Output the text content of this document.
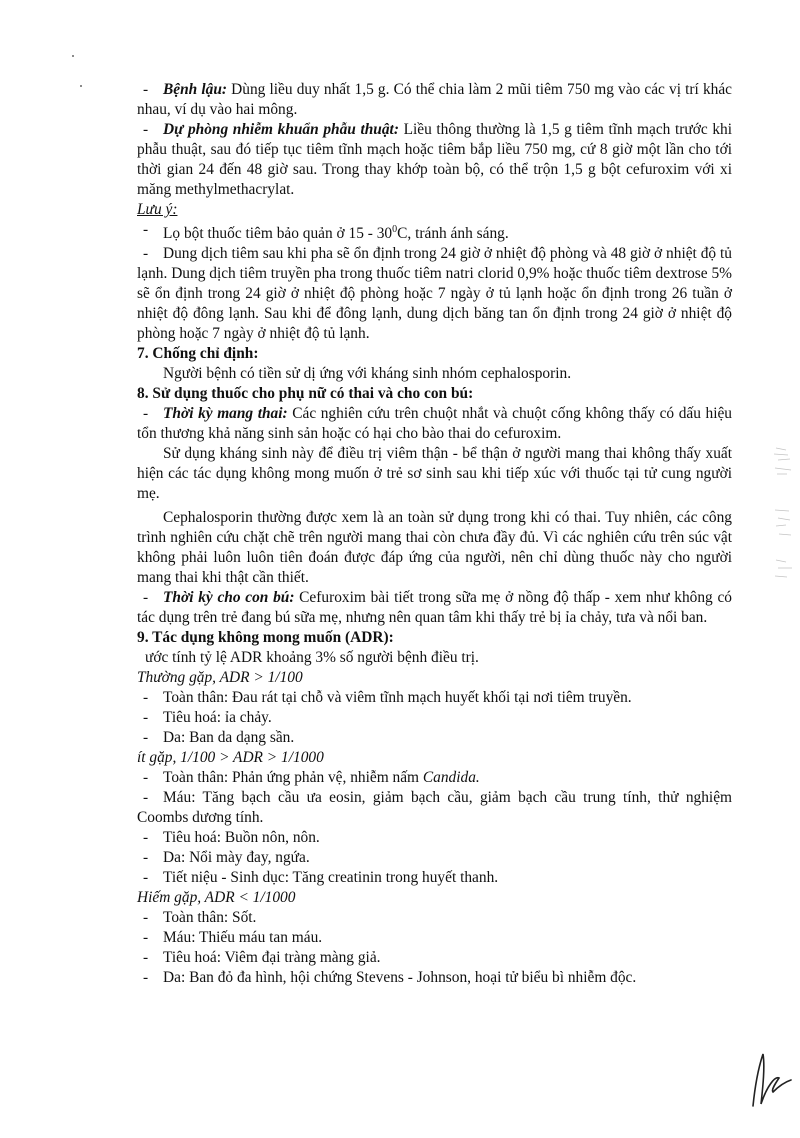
- Bệnh lậu: Dùng liều duy nhất 1,5 g. Có thể chia làm 2 mũi tiêm 750 mg vào các vị trí khác nhau, ví dụ vào hai mông.

- Dự phòng nhiễm khuẩn phẫu thuật: Liều thông thường là 1,5 g tiêm tĩnh mạch trước khi phẫu thuật, sau đó tiếp tục tiêm tĩnh mạch hoặc tiêm bắp liều 750 mg, cứ 8 giờ một lần cho tới thời gian 24 đến 48 giờ sau. Trong thay khớp toàn bộ, có thể trộn 1,5 g bột cefuroxim với xi măng methylmethacrylat.

Lưu ý:

- Lọ bột thuốc tiêm bảo quản ở $15 - 30^0C$, tránh ánh sáng.

- Dung dịch tiêm sau khi pha sẽ ổn định trong 24 giờ ở nhiệt độ phòng và 48 giờ ở nhiệt độ tủ lạnh. Dung dịch tiêm truyền pha trong thuốc tiêm natri clorid 0,9% hoặc thuốc tiêm dextrose 5% sẽ ổn định trong 24 giờ ở nhiệt độ phòng hoặc 7 ngày ở tủ lạnh hoặc ổn định trong 26 tuần ở nhiệt độ đông lạnh. Sau khi để đông lạnh, dung dịch băng tan ổn định trong 24 giờ ở nhiệt độ phòng hoặc 7 ngày ở nhiệt độ tủ lạnh.

7. Chống chỉ định:

Người bệnh có tiền sử dị ứng với kháng sinh nhóm cephalosporin.

8. Sử dụng thuốc cho phụ nữ có thai và cho con bú:

- Thời kỳ mang thai: Các nghiên cứu trên chuột nhắt và chuột cống không thấy có dấu hiệu tổn thương khả năng sinh sản hoặc có hại cho bào thai do cefuroxim.

Sử dụng kháng sinh này để điều trị viêm thận - bể thận ở người mang thai không thấy xuất hiện các tác dụng không mong muốn ở trẻ sơ sinh sau khi tiếp xúc với thuốc tại tử cung người mẹ.

Cephalosporin thường được xem là an toàn sử dụng trong khi có thai. Tuy nhiên, các công trình nghiên cứu chặt chẽ trên người mang thai còn chưa đầy đủ. Vì các nghiên cứu trên súc vật không phải luôn luôn tiên đoán được đáp ứng của người, nên chỉ dùng thuốc này cho người mang thai khi thật cần thiết.

- Thời kỳ cho con bú: Cefuroxim bài tiết trong sữa mẹ ở nồng độ thấp - xem như không có tác dụng trên trẻ đang bú sữa mẹ, nhưng nên quan tâm khi thấy trẻ bị ỉa chảy, tưa và nổi ban.

9. Tác dụng không mong muốn (ADR):

ước tính tỷ lệ ADR khoảng 3% số người bệnh điều trị.

Thường gặp, ADR > 1/100

- Toàn thân: Đau rát tại chỗ và viêm tĩnh mạch huyết khối tại nơi tiêm truyền.

- Tiêu hoá: ỉa chảy.

- Da: Ban da dạng sần.

ít gặp, 1/100 > ADR > 1/1000

- Toàn thân: Phản ứng phản vệ, nhiễm nấm Candida.

- Máu: Tăng bạch cầu ưa eosin, giảm bạch cầu, giảm bạch cầu trung tính, thử nghiệm Coombs dương tính.

- Tiêu hoá: Buồn nôn, nôn.

- Da: Nổi mày đay, ngứa.

- Tiết niệu - Sinh dục: Tăng creatinin trong huyết thanh.

Hiếm gặp, ADR < 1/1000

- Toàn thân: Sốt.

- Máu: Thiếu máu tan máu.

- Tiêu hoá: Viêm đại tràng màng giả.

- Da: Ban đỏ đa hình, hội chứng Stevens - Johnson, hoại tử biểu bì nhiễm độc.
